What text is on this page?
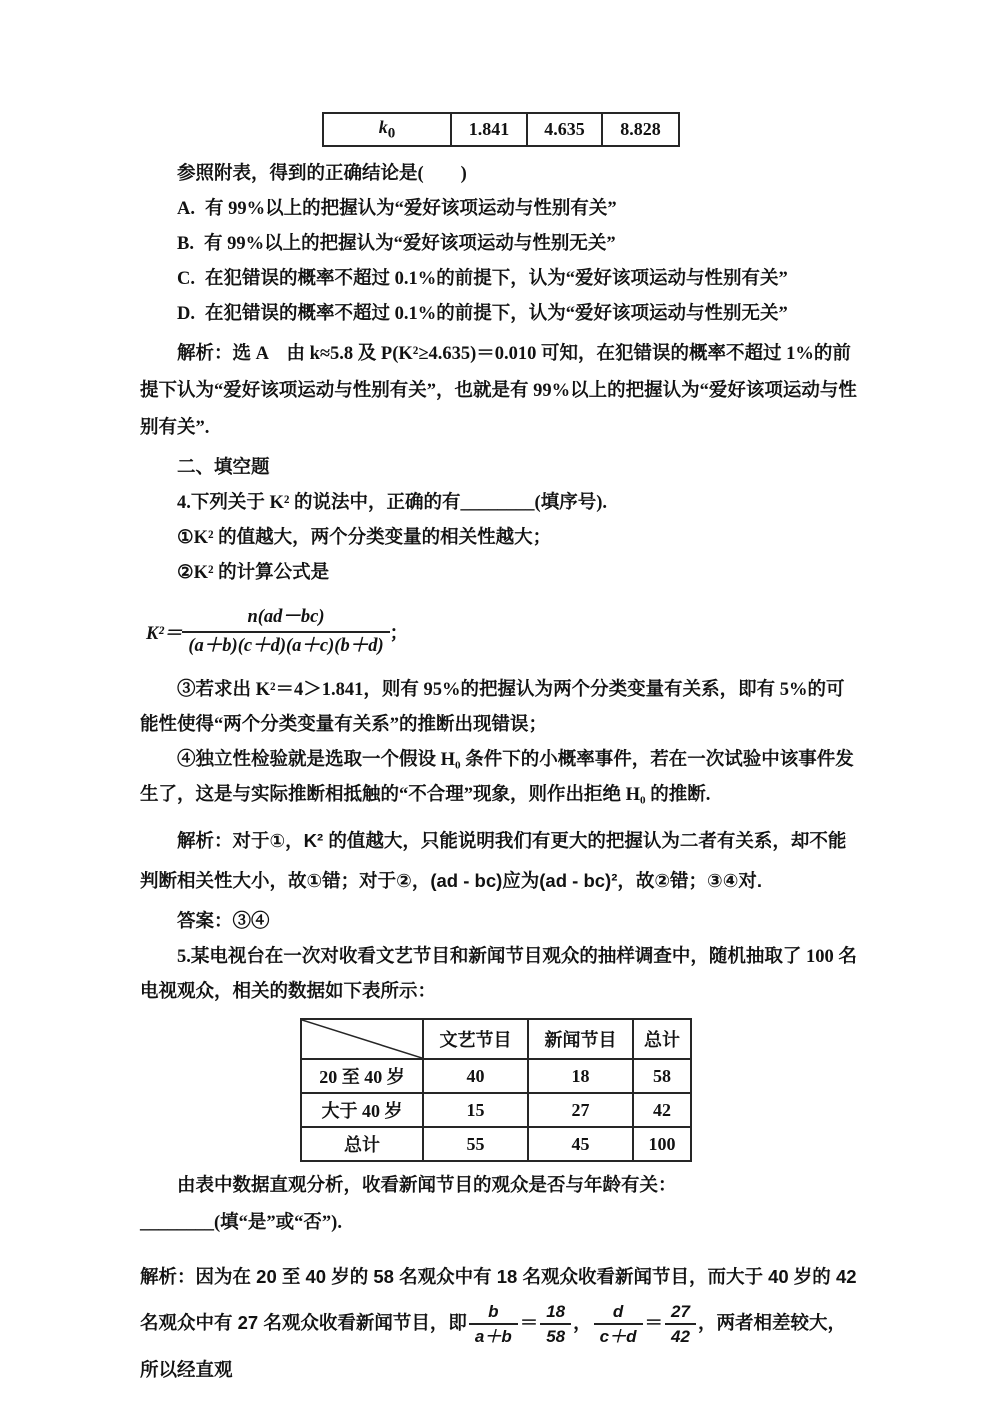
$k_0$	1.841	4.635	8.828

参照附表，得到的正确结论是(　　)

A. 有 99%以上的把握认为“爱好该项运动与性别有关”

B. 有 99%以上的把握认为“爱好该项运动与性别无关”

C. 在犯错误的概率不超过 0.1%的前提下，认为“爱好该项运动与性别有关”

D. 在犯错误的概率不超过 0.1%的前提下，认为“爱好该项运动与性别无关”

解析：选 A　由 k≈5.8 及 P(K²≥4.635)＝0.010 可知，在犯错误的概率不超过 1%的前提下认为“爱好该项运动与性别有关”，也就是有 99%以上的把握认为“爱好该项运动与性别有关”.

二、填空题

4.下列关于 K² 的说法中，正确的有________(填序号).

①K² 的值越大，两个分类变量的相关性越大；

②K² 的计算公式是

$K^2= \frac{n(ad-bc)}{(a+b)(c+d)(a+c)(b+d)}$ ；

③若求出 K²＝4＞1.841，则有 95%的把握认为两个分类变量有关系，即有 5%的可能性使得“两个分类变量有关系”的推断出现错误；

④独立性检验就是选取一个假设 H₀ 条件下的小概率事件，若在一次试验中该事件发生了，这是与实际推断相抵触的“不合理”现象，则作出拒绝 H₀ 的推断.

解析：对于①，K² 的值越大，只能说明我们有更大的把握认为二者有关系，却不能判断相关性大小，故①错；对于②，(ad - bc)应为(ad - bc)²，故②错；③④对.

答案：③④

5.某电视台在一次对收看文艺节目和新闻节目观众的抽样调查中，随机抽取了 100 名电视观众，相关的数据如下表所示：

	文艺节目	新闻节目	总计
20 至 40 岁	40	18	58
大于 40 岁	15	27	42
总计	55	45	100

由表中数据直观分析，收看新闻节目的观众是否与年龄有关：________(填“是”或“否”).

解析：因为在 20 至 40 岁的 58 名观众中有 18 名观众收看新闻节目，而大于 40 岁的 42 名观众中有 27 名观众收看新闻节目，即 $\frac{b}{a+b} = \frac{18}{58}$ ， $\frac{d}{c+d} = \frac{27}{42}$ ，两者相差较大，所以经直观
